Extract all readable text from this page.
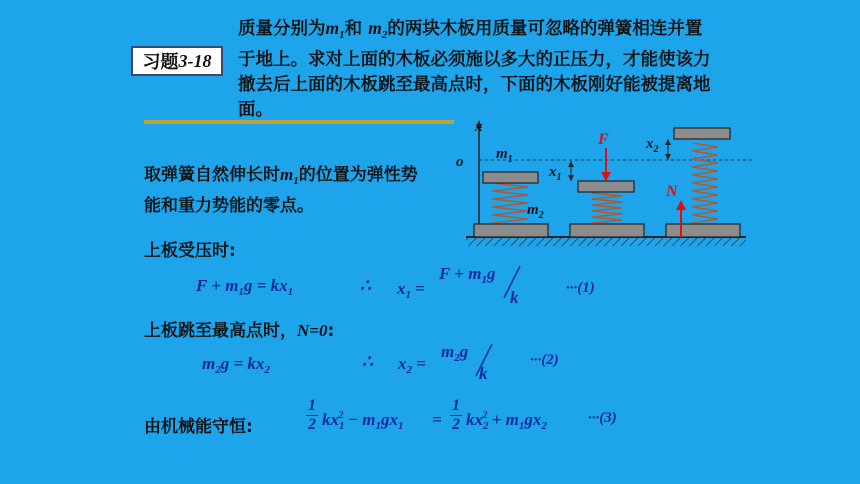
习题 3-18
质量分别为$m_1$和 $m_2$的两块木板用质量可忽略的弹簧相连并置于地上。求对上面的木板必须施以多大的正压力，才能使该力撤去后上面的木板跳至最高点时，下面的木板刚好能被提离地面。
取弹簧自然伸长时$m_1$的位置为弹性势能和重力势能的零点。
x
o $m_1$
$m_2$
$x_1$
F $x_2$
N
上板受压时:
$F + m_1g = kx_1$	∴ $x_1$ =
$F + m_1g$
k	···(1)
上板跳至最高点时，N=0:
$m_2g = kx_2$	∴ $x_2$ =
$m_2g$
k
···(2)
由机械能守恒:
1
2 $kx_1^2 - m_1gx_1$ =
1
2 $kx_2^2 + m_1gx_2$	···(3)
